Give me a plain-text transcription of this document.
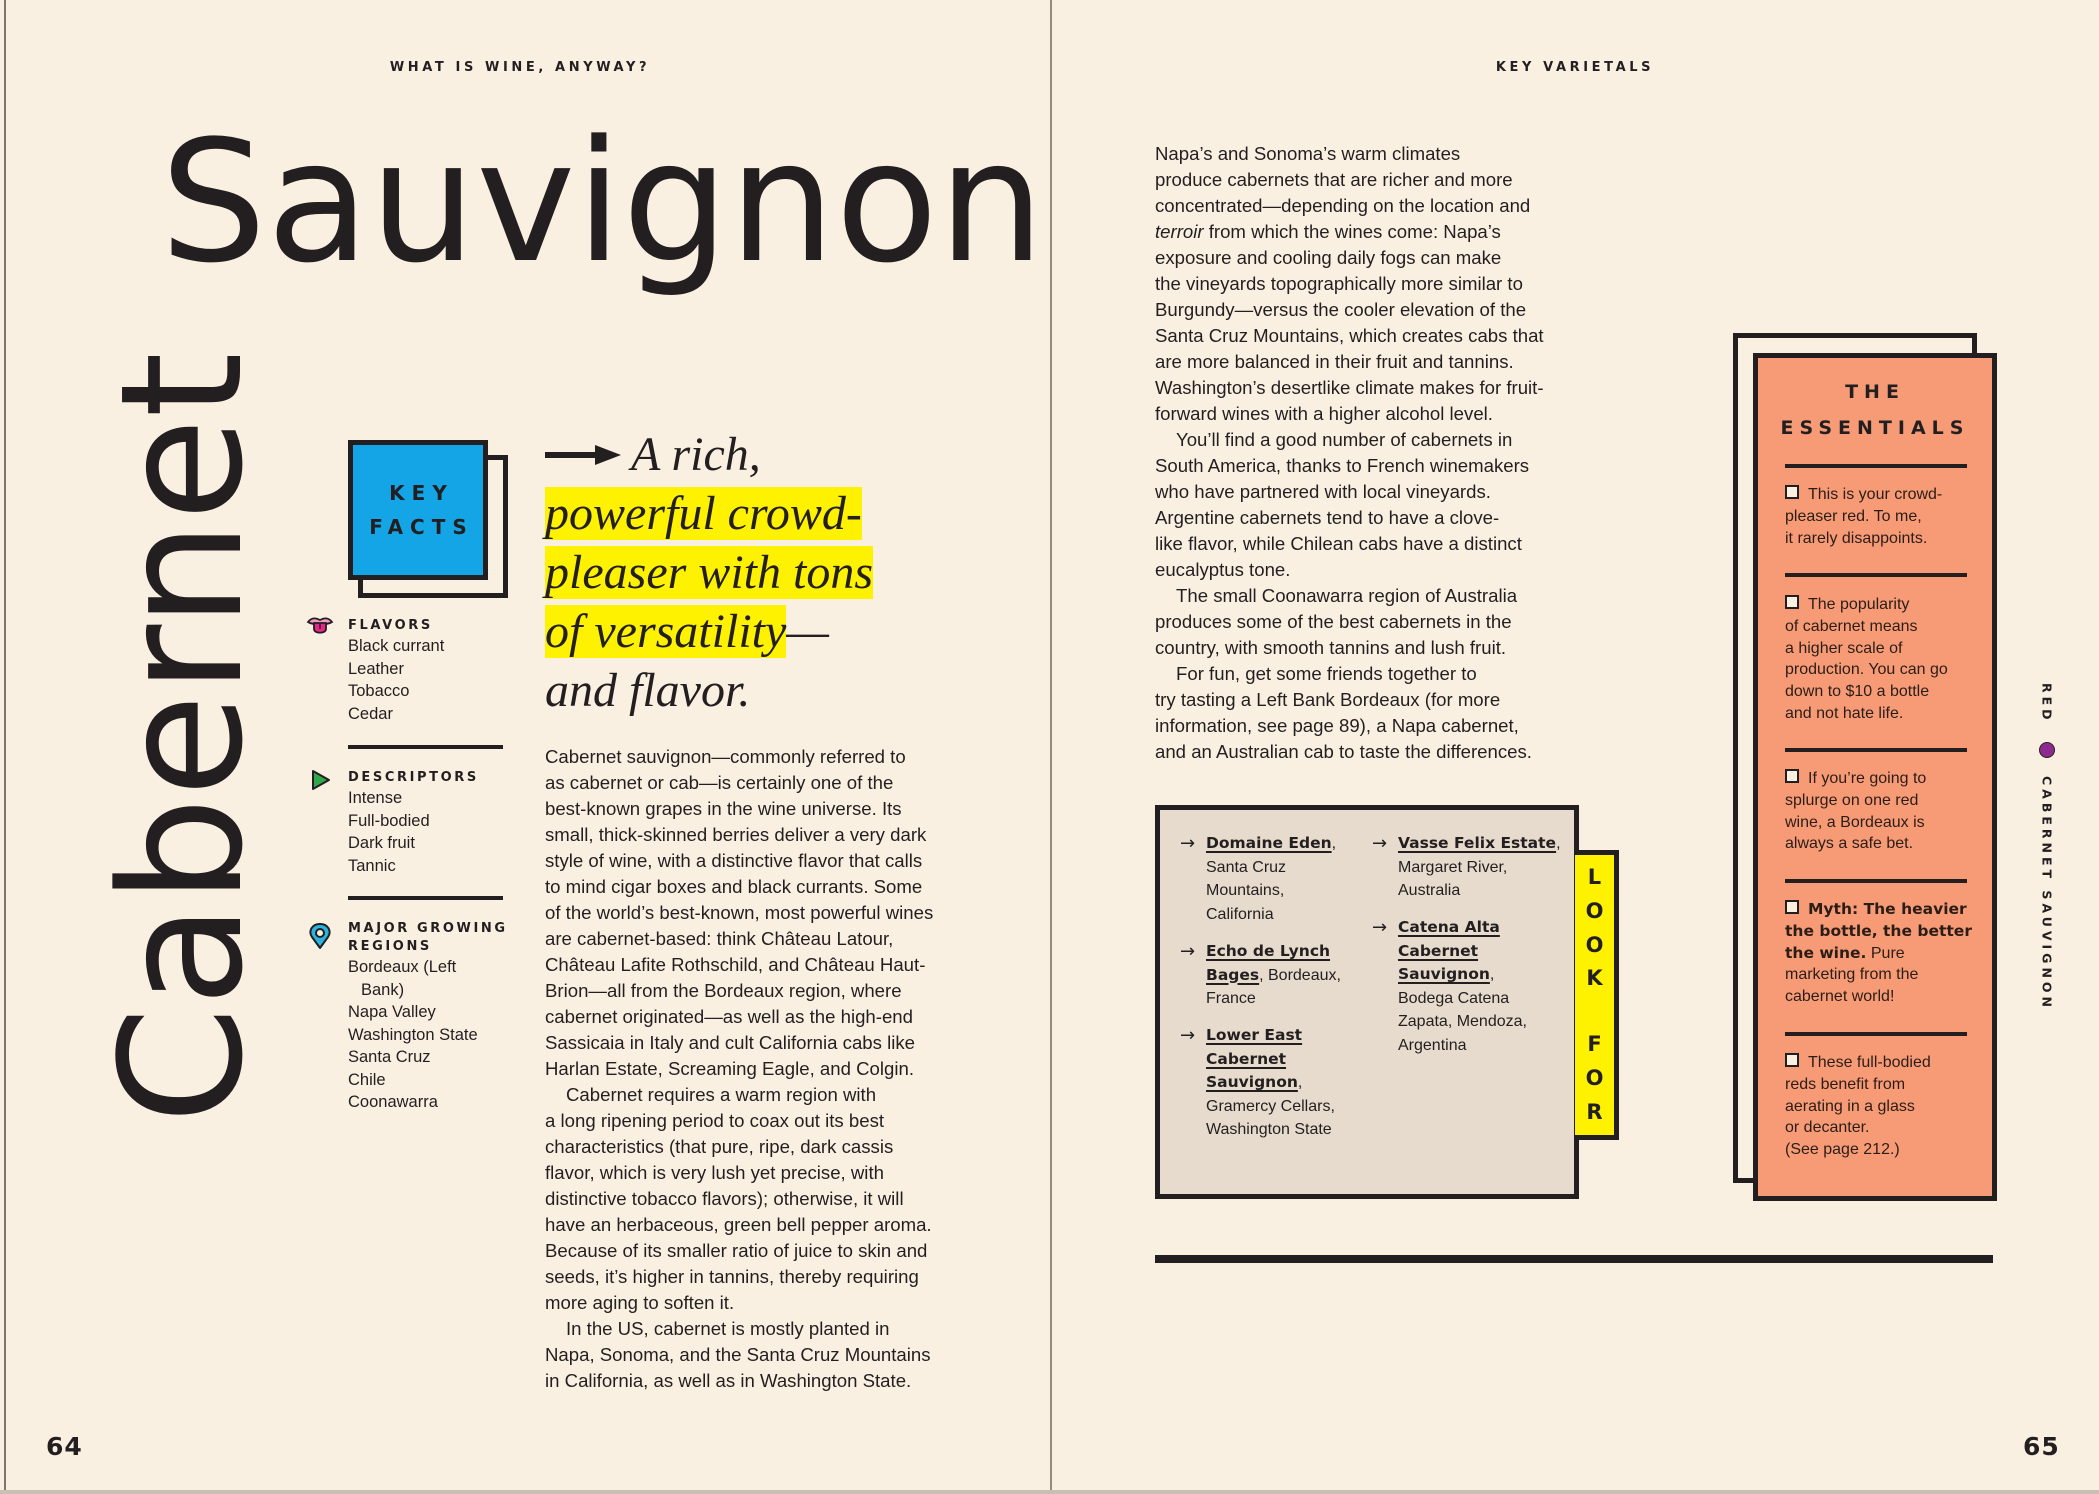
WHAT IS WINE, ANYWAY?
Sauvignon
Cabernet	KEY
FACTS
FLAVORS
Black currant
Leather
Tobacco
Cedar
DESCRIPTORS
Intense
Full-bodied
Dark fruit
Tannic
MAJOR GROWING
REGIONS
Bordeaux (Left
Bank)
Napa Valley
Washington State
Santa Cruz
Chile
Coonawarra
A rich,
powerful crowd-
pleaser with tons
of versatility—
and flavor.
Cabernet sauvignon—commonly referred to
as cabernet or cab—is certainly one of the
best-known grapes in the wine universe. Its
small, thick-skinned berries deliver a very dark
style of wine, with a distinctive flavor that calls
to mind cigar boxes and black currants. Some
of the world’s best-known, most powerful wines
are cabernet-based: think Château Latour,
Château Lafite Rothschild, and Château Haut-
Brion—all from the Bordeaux region, where
cabernet originated—as well as the high-end
Sassicaia in Italy and cult California cabs like
Harlan Estate, Screaming Eagle, and Colgin.
Cabernet requires a warm region with
a long ripening period to coax out its best
characteristics (that pure, ripe, dark cassis
flavor, which is very lush yet precise, with
distinctive tobacco flavors); otherwise, it will
have an herbaceous, green bell pepper aroma.
Because of its smaller ratio of juice to skin and
seeds, it’s higher in tannins, thereby requiring
more aging to soften it.
In the US, cabernet is mostly planted in
Napa, Sonoma, and the Santa Cruz Mountains
in California, as well as in Washington State.
64
KEY VARIETALS
Napa’s and Sonoma’s warm climates
produce cabernets that are richer and more
concentrated—depending on the location and
terroir from which the wines come: Napa’s
exposure and cooling daily fogs can make
the vineyards topographically more similar to
Burgundy—versus the cooler elevation of the
Santa Cruz Mountains, which creates cabs that
are more balanced in their fruit and tannins.
Washington’s desertlike climate makes for fruit-
forward wines with a higher alcohol level.
You’ll find a good number of cabernets in
South America, thanks to French winemakers
who have partnered with local vineyards.
Argentine cabernets tend to have a clove-
like flavor, while Chilean cabs have a distinct
eucalyptus tone.
The small Coonawarra region of Australia
produces some of the best cabernets in the
country, with smooth tannins and lush fruit.
For fun, get some friends together to
try tasting a Left Bank Bordeaux (for more
information, see page 89), a Napa cabernet,
and an Australian cab to taste the differences.
L
O
O
K
F
O
R
→ Domaine Eden,
Santa Cruz
Mountains,
California
→ Echo de Lynch
Bages, Bordeaux,
France
→ Lower East
Cabernet
Sauvignon,
Gramercy Cellars,
Washington State
→ Vasse Felix Estate,
Margaret River,
Australia
→ Catena Alta
Cabernet
Sauvignon,
Bodega Catena
Zapata, Mendoza,
Argentina
THE
ESSENTIALS
This is your crowd-
pleaser red. To me,
it rarely disappoints.
The popularity
of cabernet means
a higher scale of
production. You can go
down to $10 a bottle
and not hate life.
If you’re going to
splurge on one red
wine, a Bordeaux is
always a safe bet.
Myth: The heavier
the bottle, the better
the wine. Pure
marketing from the
cabernet world!
These full-bodied
reds benefit from
aerating in a glass
or decanter.
(See page 212.)
RED
CABERNET SAUVIGNON
65
